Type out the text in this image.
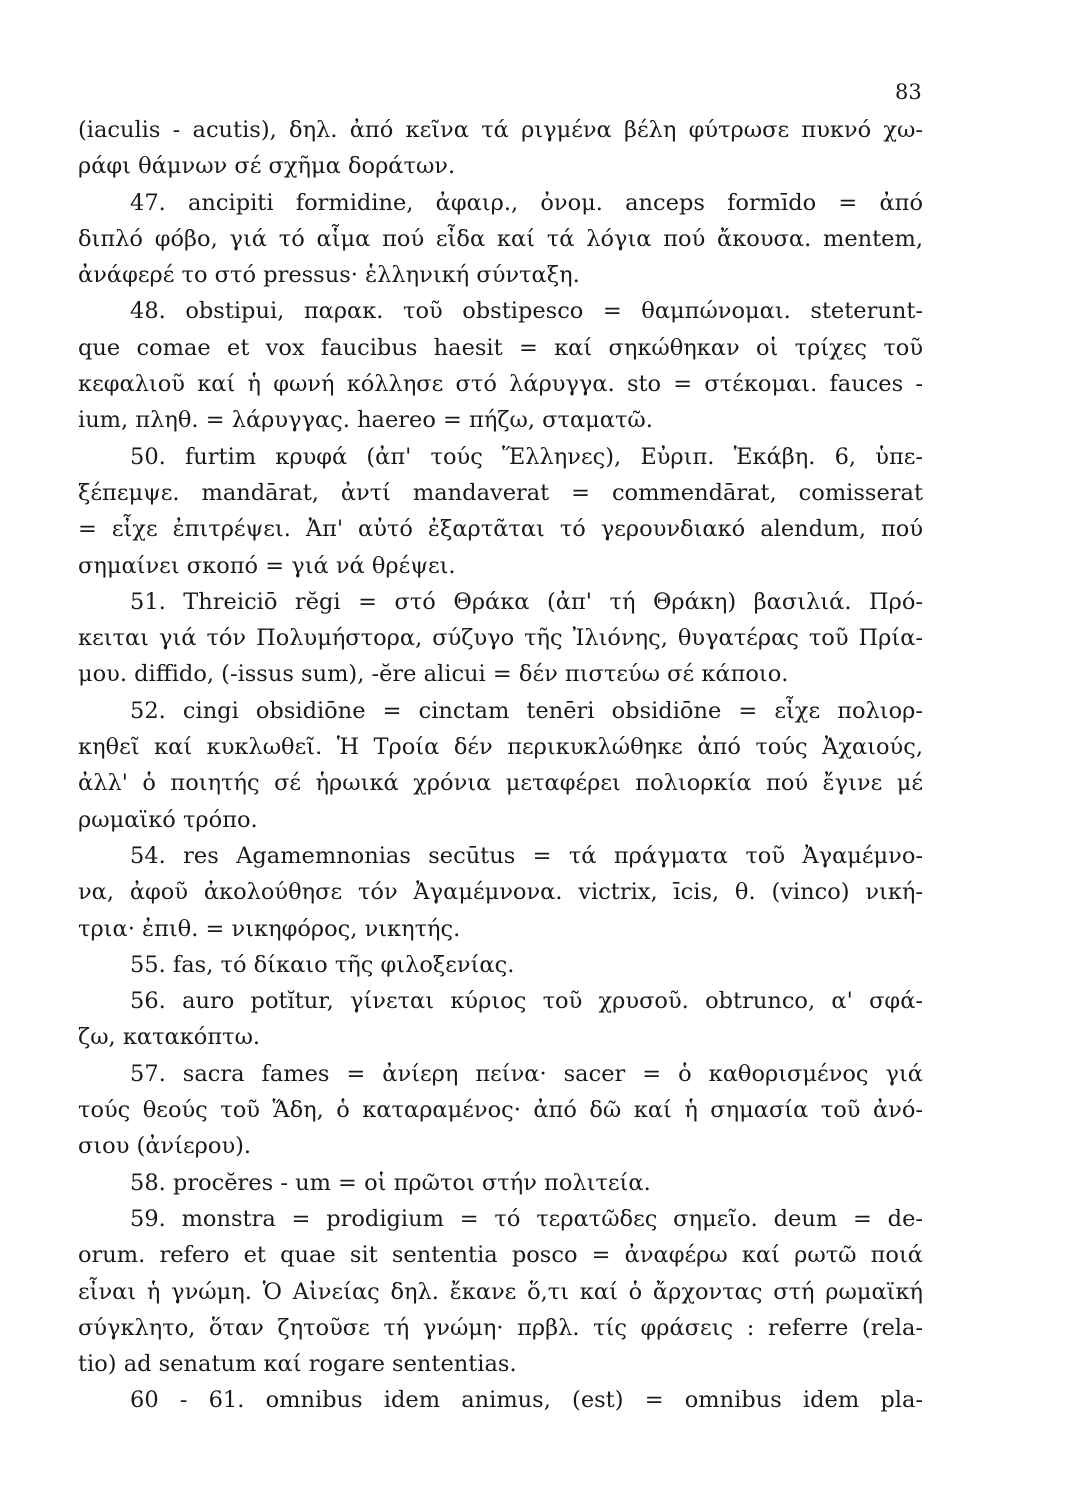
83
(iaculis - acutis), δηλ. ἀπό κεῖνα τά ριγμένα βέλη φύτρωσε πυκνό χω-
ράφι θάμνων σέ σχῆμα δοράτων.
47. ancipiti formidine, ἀφαιρ., ὀνομ. anceps formīdo = ἀπό
διπλό φόβο, γιά τό αἷμα πού εἶδα καί τά λόγια πού ἄκουσα. mentem,
ἀνάφερέ το στό pressus· ἑλληνική σύνταξη.
48. obstipui, παρακ. τοῦ obstipesco = θαμπώνομαι. steterunt-
que comae et vox faucibus haesit = καί σηκώθηκαν οἱ τρίχες τοῦ
κεφαλιοῦ καί ἡ φωνή κόλλησε στό λάρυγγα. sto = στέκομαι. fauces -
ium, πληθ. = λάρυγγας. haereo = πήζω, σταματῶ.
50. furtim κρυφά (ἀπ' τούς Ἕλληνες), Εὐριπ. Ἑκάβη. 6, ὑπε-
ξέπεμψε. mandārat, ἀντί mandaverat = commendārat, comisserat
= εἶχε ἐπιτρέψει. Ἀπ' αὐτό ἐξαρτᾶται τό γερουνδιακό alendum, πού
σημαίνει σκοπό = γιά νά θρέψει.
51. Threiciō rĕgi = στό Θράκα (ἀπ' τή Θράκη) βασιλιά. Πρό-
κειται γιά τόν Πολυμήστορα, σύζυγο τῆς Ἰλιόνης, θυγατέρας τοῦ Πρία-
μου. diffido, (-issus sum), -ĕre alicui = δέν πιστεύω σέ κάποιο.
52. cingi obsidiōne = cinctam tenēri obsidiōne = εἶχε πολιορ-
κηθεῖ καί κυκλωθεῖ. Ἡ Τροία δέν περικυκλώθηκε ἀπό τούς Ἀχαιούς,
ἀλλ' ὁ ποιητής σέ ἡρωικά χρόνια μεταφέρει πολιορκία πού ἔγινε μέ
ρωμαϊκό τρόπο.
54. res Agamemnonias secūtus = τά πράγματα τοῦ Ἀγαμέμνο-
να, ἀφοῦ ἀκολούθησε τόν Ἀγαμέμνονα. victrix, īcis, θ. (vinco) νική-
τρια· ἐπιθ. = νικηφόρος, νικητής.
55. fas, τό δίκαιο τῆς φιλοξενίας.
56. auro potĭtur, γίνεται κύριος τοῦ χρυσοῦ. obtrunco, α' σφά-
ζω, κατακόπτω.
57. sacra fames = ἀνίερη πείνα· sacer = ὁ καθορισμένος γιά
τούς θεούς τοῦ Ἅδη, ὁ καταραμένος· ἀπό δῶ καί ἡ σημασία τοῦ ἀνό-
σιου (ἀνίερου).
58. procĕres - um = οἱ πρῶτοι στήν πολιτεία.
59. monstra = prodigium = τό τερατῶδες σημεῖο. deum = de-
orum. refero et quae sit sententia posco = ἀναφέρω καί ρωτῶ ποιά
εἶναι ἡ γνώμη. Ὁ Αἰνείας δηλ. ἔκανε ὅ,τι καί ὁ ἄρχοντας στή ρωμαϊκή
σύγκλητο, ὅταν ζητοῦσε τή γνώμη· πρβλ. τίς φράσεις : referre (rela-
tio) ad senatum καί rogare sententias.
60 - 61. omnibus idem animus, (est) = omnibus idem pla-
